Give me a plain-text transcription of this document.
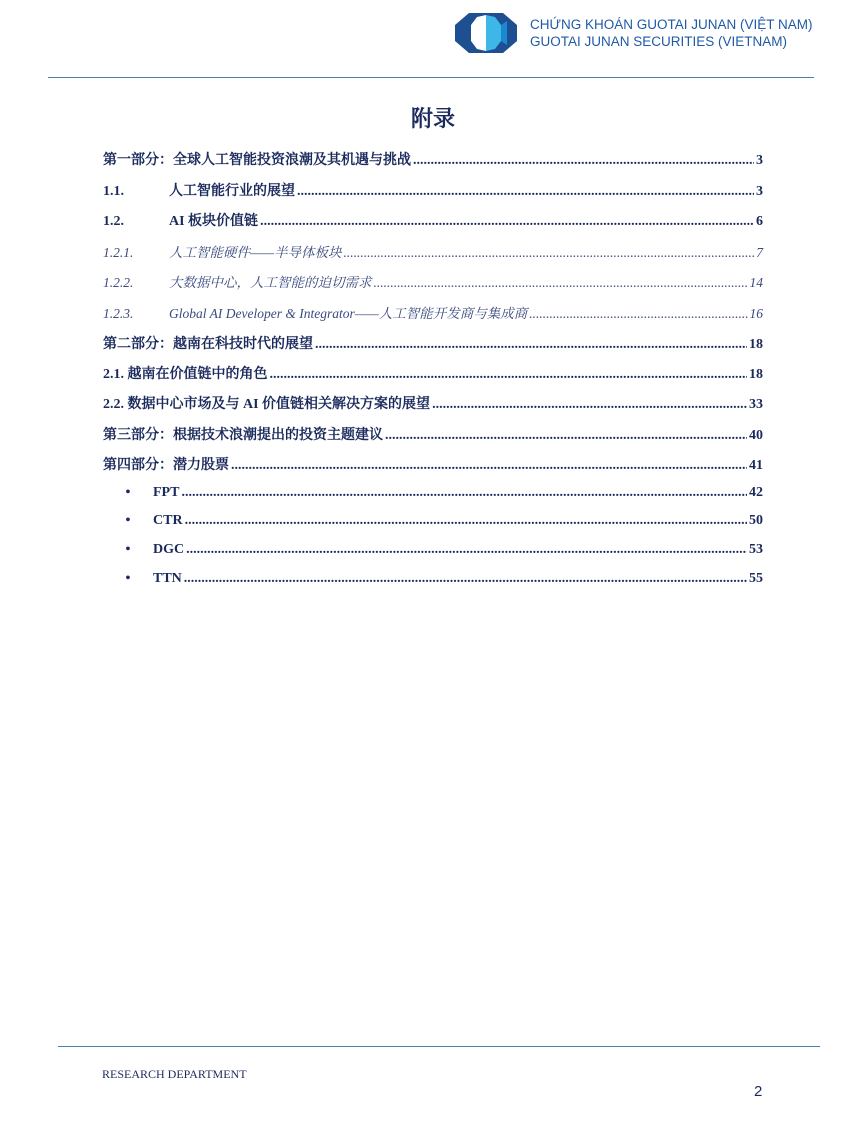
CHỨNG KHOÁN GUOTAI JUNAN (VIỆT NAM)
GUOTAI JUNAN SECURITIES (VIETNAM)
附录
第一部分：全球人工智能投资浪潮及其机遇与挑战 .....	3
1.1.	人工智能行业的展望 .....	3
1.2.	AI 板块价值链 .....	6
1.2.1.	人工智能硬件——半导体板块 .....	7
1.2.2.	大数据中心，人工智能的迫切需求 .....	14
1.2.3.	Global AI Developer & Integrator——人工智能开发商与集成商 .....	16
第二部分：越南在科技时代的展望 .....	18
2.1. 越南在价值链中的角色 .....	18
2.2. 数据中心市场及与 AI 价值链相关解决方案的展望 .....	33
第三部分：根据技术浪潮提出的投资主题建议 .....	40
第四部分：潜力股票 .....	41
•	FPT .....	42
•	CTR .....	50
•	DGC .....	53
•	TTN .....	55
RESEARCH DEPARTMENT
2
